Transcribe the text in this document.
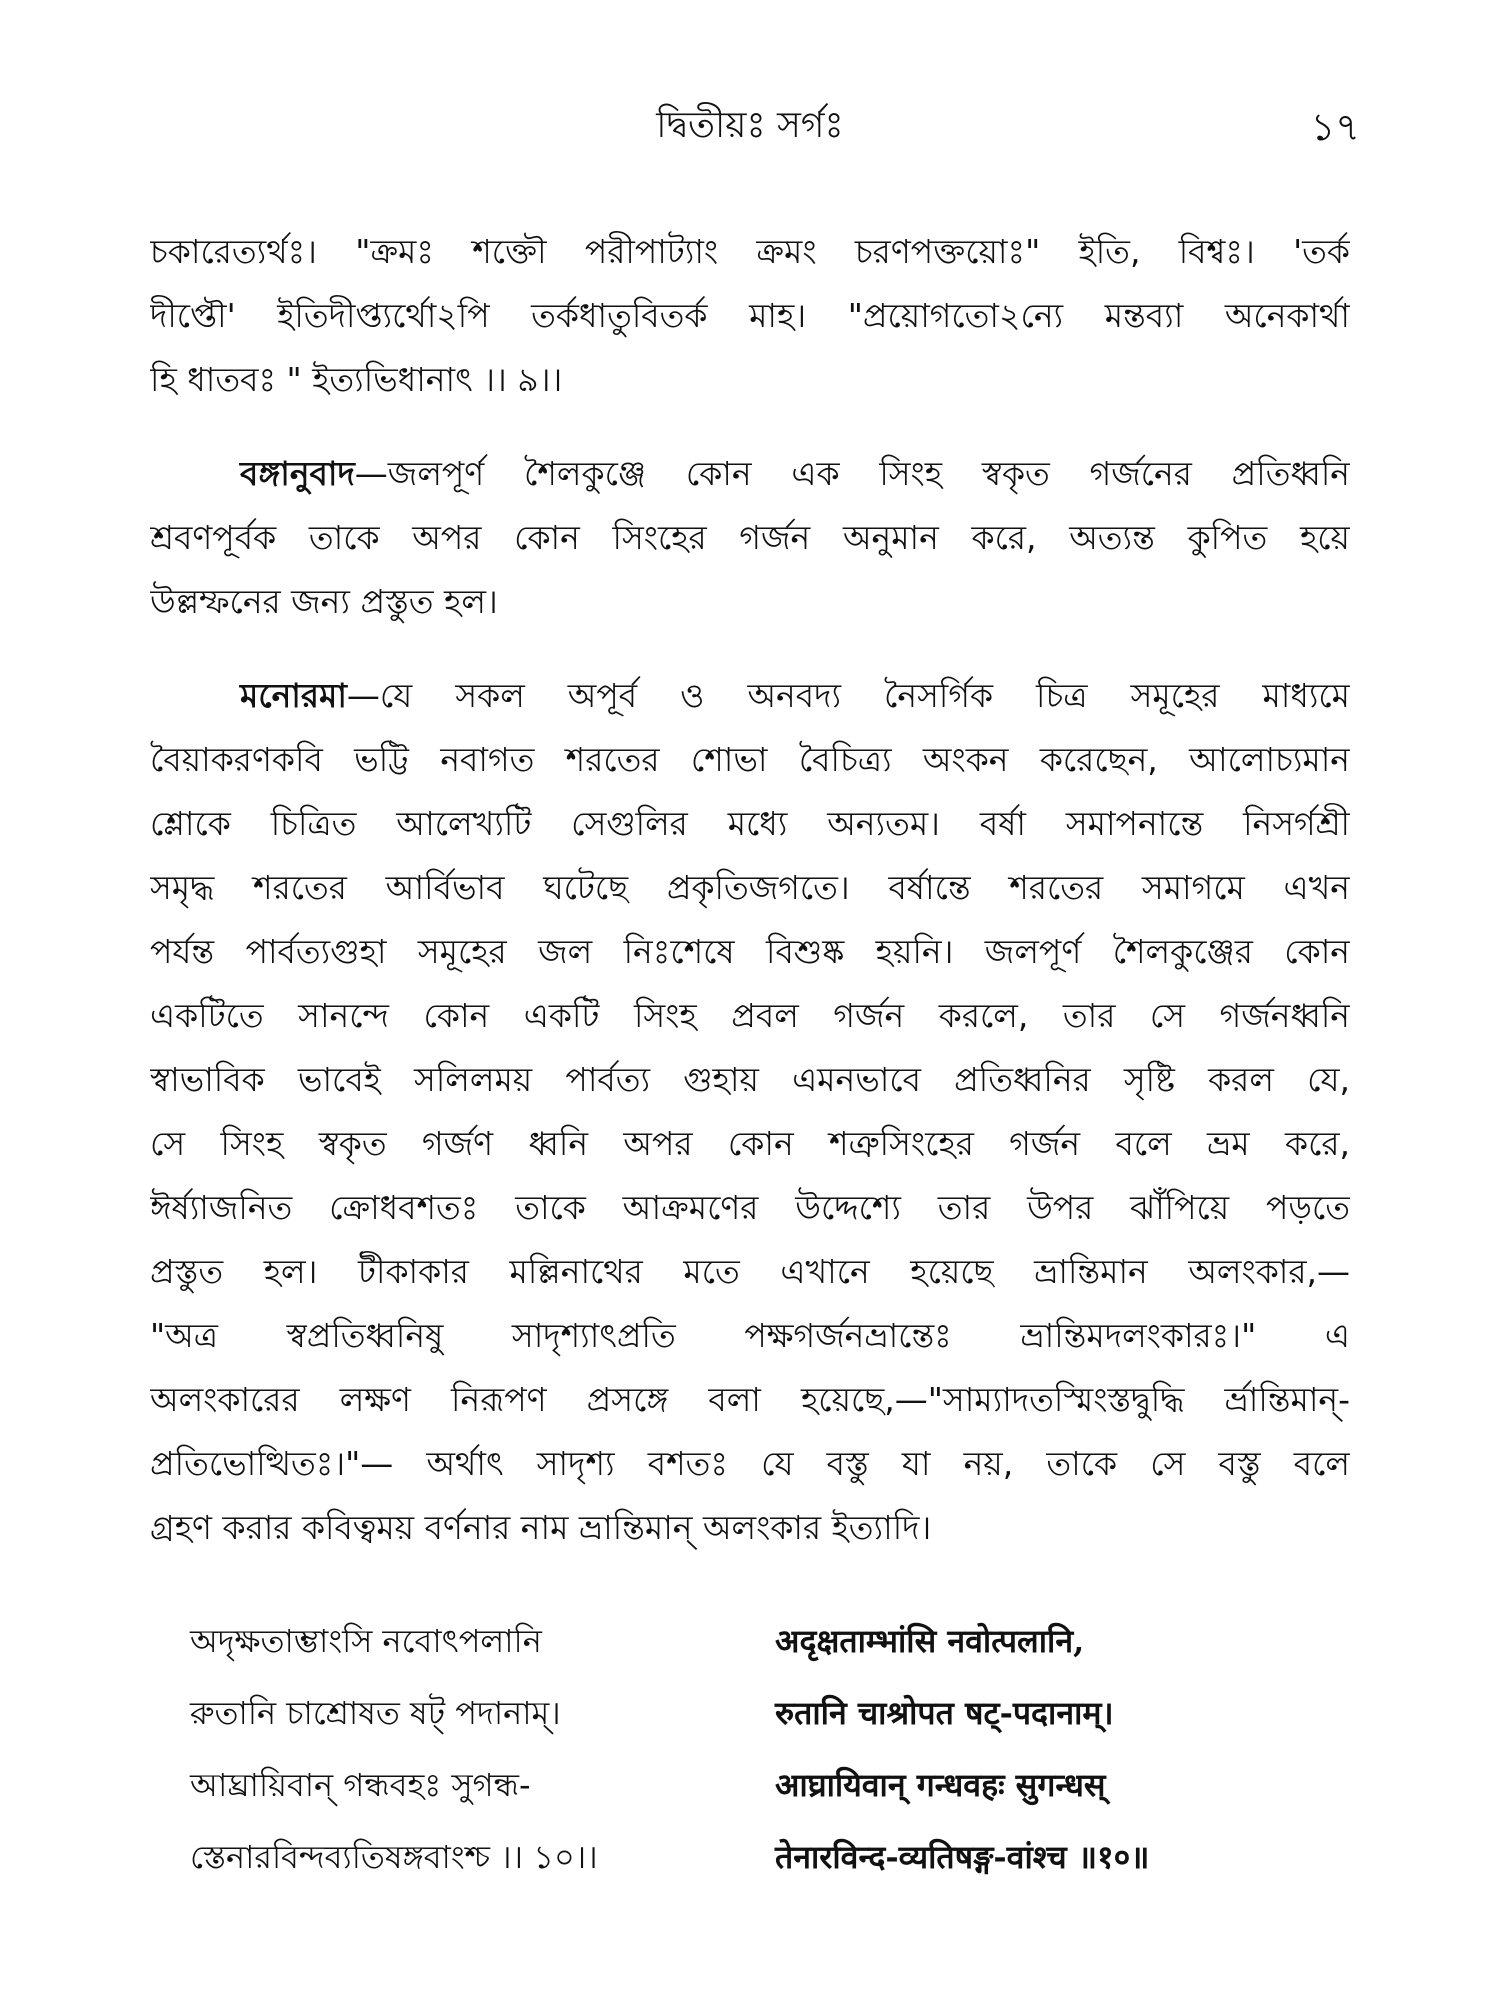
দ্বিতীয়ঃ সর্গঃ	১৭
চকারেত্যর্থঃ। "ক্রমঃ শক্তৌ পরীপাট্যাং ক্রমং চরণপক্তয়োঃ" ইতি, বিশ্বঃ। 'তর্ক
দীপ্তৌ' ইতিদীপ্ত্যর্থো২পি তর্কধাতুবিতর্ক মাহ। "প্রয়োগতো২ন্যে মন্তব্যা অনেকার্থা
হি ধাতবঃ " ইত্যভিধানাৎ ।। ৯।।
বঙ্গানুবাদ—জলপূর্ণ শৈলকুঞ্জে কোন এক সিংহ স্বকৃত গর্জনের প্রতিধ্বনি
শ্রবণপূর্বক তাকে অপর কোন সিংহের গর্জন অনুমান করে, অত্যন্ত কুপিত হয়ে
উল্লম্ফনের জন্য প্রস্তুত হল।
মনোরমা—যে সকল অপূর্ব ও অনবদ্য নৈসর্গিক চিত্র সমূহের মাধ্যমে
বৈয়াকরণকবি ভট্টি নবাগত শরতের শোভা বৈচিত্র্য অংকন করেছেন, আলোচ্যমান
শ্লোকে চিত্রিত আলেখ্যটি সেগুলির মধ্যে অন্যতম। বর্ষা সমাপনান্তে নিসর্গশ্রী
সমৃদ্ধ শরতের আর্বিভাব ঘটেছে প্রকৃতিজগতে। বর্ষান্তে শরতের সমাগমে এখন
পর্যন্ত পার্বত্যগুহা সমূহের জল নিঃশেষে বিশুষ্ক হয়নি। জলপূর্ণ শৈলকুঞ্জের কোন
একটিতে সানন্দে কোন একটি সিংহ প্রবল গর্জন করলে, তার সে গর্জনধ্বনি
স্বাভাবিক ভাবেই সলিলময় পার্বত্য গুহায় এমনভাবে প্রতিধ্বনির সৃষ্টি করল যে,
সে সিংহ স্বকৃত গর্জণ ধ্বনি অপর কোন শত্রুসিংহের গর্জন বলে ভ্রম করে,
ঈর্ষ্যাজনিত ক্রোধবশতঃ তাকে আক্রমণের উদ্দেশ্যে তার উপর ঝাঁপিয়ে পড়তে
প্রস্তুত হল। টীকাকার মল্লিনাথের মতে এখানে হয়েছে ভ্রান্তিমান অলংকার,—
"অত্র স্বপ্রতিধ্বনিষু সাদৃশ্যাৎপ্রতি পক্ষগর্জনভ্রান্তেঃ ভ্রান্তিমদলংকারঃ।" এ
অলংকারের লক্ষণ নিরূপণ প্রসঙ্গে বলা হয়েছে,—"সাম্যাদতস্মিংস্তদ্বুদ্ধি র্ভ্রান্তিমান্-
প্রতিভোত্থিতঃ।"— অর্থাৎ সাদৃশ্য বশতঃ যে বস্তু যা নয়, তাকে সে বস্তু বলে
গ্রহণ করার কবিত্বময় বর্ণনার নাম ভ্রান্তিমান্ অলংকার ইত্যাদি।
অদৃক্ষতাম্ভাংসি নবোৎপলানি	अदृक्षताम्भांसि नवोत्पलानि,
রুতানি চাশ্রোষত ষট্ পদানাম্।	रुतानि चाश्रोपत षट्-पदानाम्।
আঘ্রায়িবান্ গন্ধবহঃ সুগন্ধ-	आघ्रायिवान् गन्धवहः सुगन्धस्
স্তেনারবিন্দব্যতিষঙ্গবাংশ্চ ।। ১০।।	तेनारविन्द-व्यतिषङ्ग-वांश्च ॥१०॥
